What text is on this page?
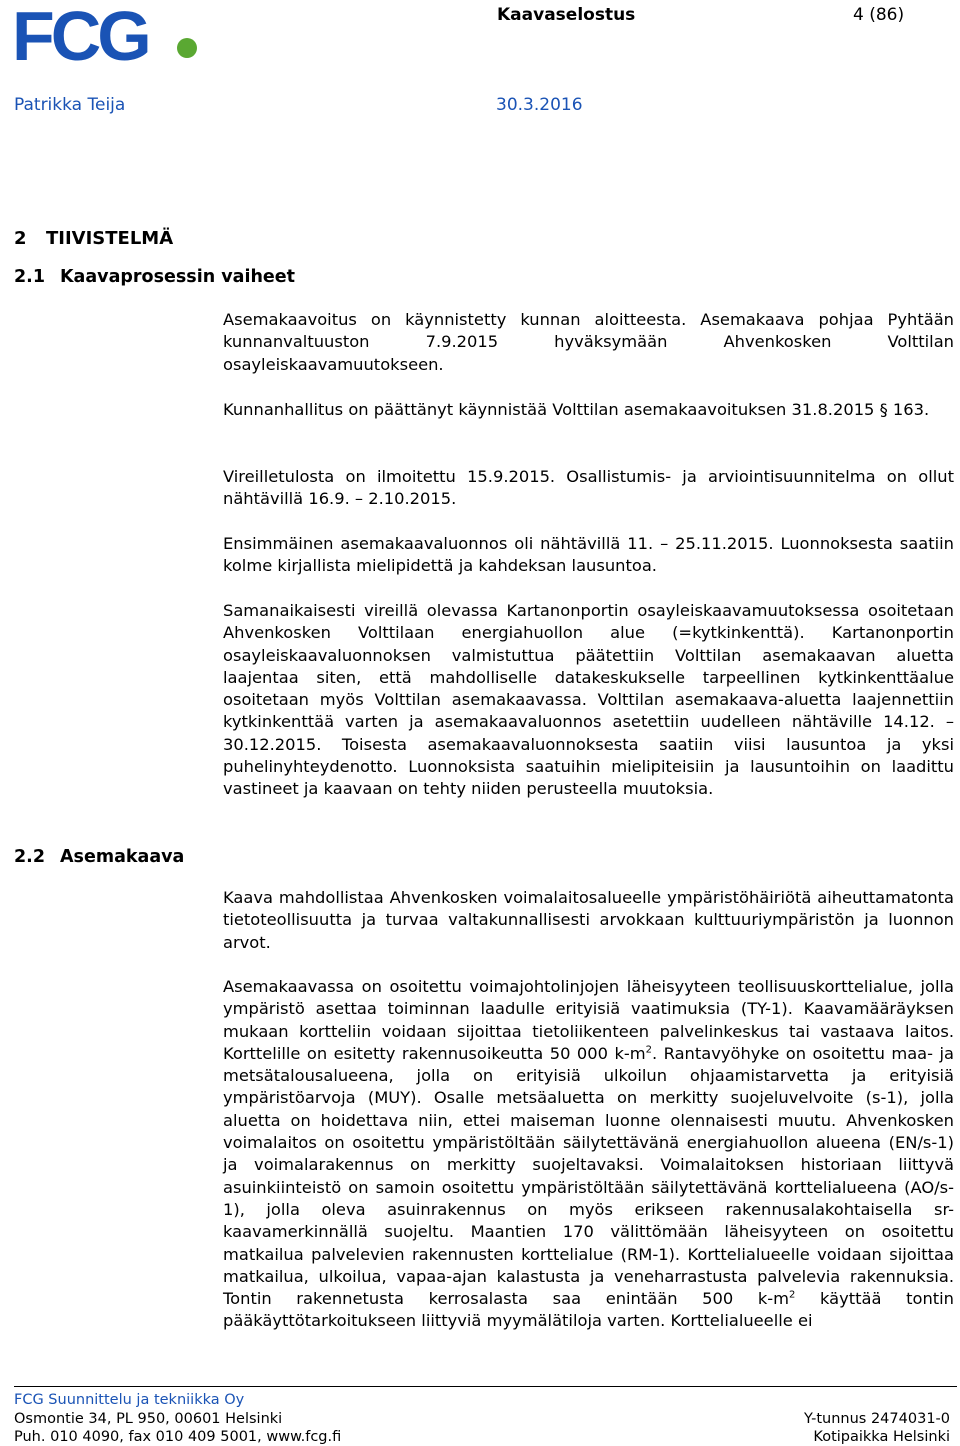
FCG	Kaavaselostus	4 (86)
Patrikka Teija	30.3.2016
2 TIIVISTELMÄ
2.1 Kaavaprosessin vaiheet
2.2 Asemakaava

Asemakaavoitus on käynnistetty kunnan aloitteesta. Asemakaava pohjaa Pyhtään kunnanvaltuuston 7.9.2015 hyväksymään Ahvenkosken Volttilan osayleiskaavamuutokseen.

Kunnanhallitus on päättänyt käynnistää Volttilan asemakaavoituksen 31.8.2015 § 163.

Vireilletulosta on ilmoitettu 15.9.2015. Osallistumis- ja arviointisuunnitelma on ollut nähtävillä 16.9. – 2.10.2015.

Ensimmäinen asemakaavaluonnos oli nähtävillä 11. – 25.11.2015. Luonnoksesta saatiin kolme kirjallista mielipidettä ja kahdeksan lausuntoa.

Samanaikaisesti vireillä olevassa Kartanonportin osayleiskaavamuutoksessa osoitetaan Ahvenkosken Volttilaan energiahuollon alue (=kytkinkenttä). Kartanonportin osayleiskaavaluonnoksen valmistuttua päätettiin Volttilan asemakaavan aluetta laajentaa siten, että mahdolliselle datakeskukselle tarpeellinen kytkinkenttäalue osoitetaan myös Volttilan asemakaavassa. Volttilan asemakaava-aluetta laajennettiin kytkinkenttää varten ja asemakaavaluonnos asetettiin uudelleen nähtäville 14.12. – 30.12.2015. Toisesta asemakaavaluonnoksesta saatiin viisi lausuntoa ja yksi puhelinyhteydenotto. Luonnoksista saatuihin mielipiteisiin ja lausuntoihin on laadittu vastineet ja kaavaan on tehty niiden perusteella muutoksia.

Kaava mahdollistaa Ahvenkosken voimalaitosalueelle ympäristöhäiriötä aiheuttamatonta tietoteollisuutta ja turvaa valtakunnallisesti arvokkaan kulttuuriympäristön ja luonnon arvot.

Asemakaavassa on osoitettu voimajohtolinjojen läheisyyteen teollisuuskorttelialue, jolla ympäristö asettaa toiminnan laadulle erityisiä vaatimuksia (TY-1). Kaavamääräyksen mukaan kortteliin voidaan sijoittaa tietoliikenteen palvelinkeskus tai vastaava laitos. Korttelille on esitetty rakennusoikeutta 50 000 $k-m^2$. Rantavyöhyke on osoitettu maa- ja metsätalousalueena, jolla on erityisiä ulkoilun ohjaamistarvetta ja erityisiä ympäristöarvoja (MUY). Osalle metsäaluetta on merkitty suojeluvelvoite (s-1), jolla aluetta on hoidettava niin, ettei maiseman luonne olennaisesti muutu. Ahvenkosken voimalaitos on osoitettu ympäristöltään säilytettävänä energiahuollon alueena (EN/s-1) ja voimalarakennus on merkitty suojeltavaksi. Voimalaitoksen historiaan liittyvä asuinkiinteistö on samoin osoitettu ympäristöltään säilytettävänä korttelialueena (AO/s-1), jolla oleva asuinrakennus on myös erikseen rakennusalakohtaisella sr-kaavamerkinnällä suojeltu. Maantien 170 välittömään läheisyyteen on osoitettu matkailua palvelevien rakennusten korttelialue (RM-1). Korttelialueelle voidaan sijoittaa matkailua, ulkoilua, vapaa-ajan kalastusta ja veneharrastusta palvelevia rakennuksia. Tontin rakennetusta kerrosalasta saa enintään 500 $k-m^2$ käyttää tontin pääkäyttötarkoitukseen liittyviä myymälätiloja varten. Korttelialueelle ei

FCG Suunnittelu ja tekniikka Oy
Osmontie 34, PL 950, 00601 Helsinki
Puh. 010 4090, fax 010 409 5001, www.fcg.fi
Y-tunnus 2474031-0
Kotipaikka Helsinki
